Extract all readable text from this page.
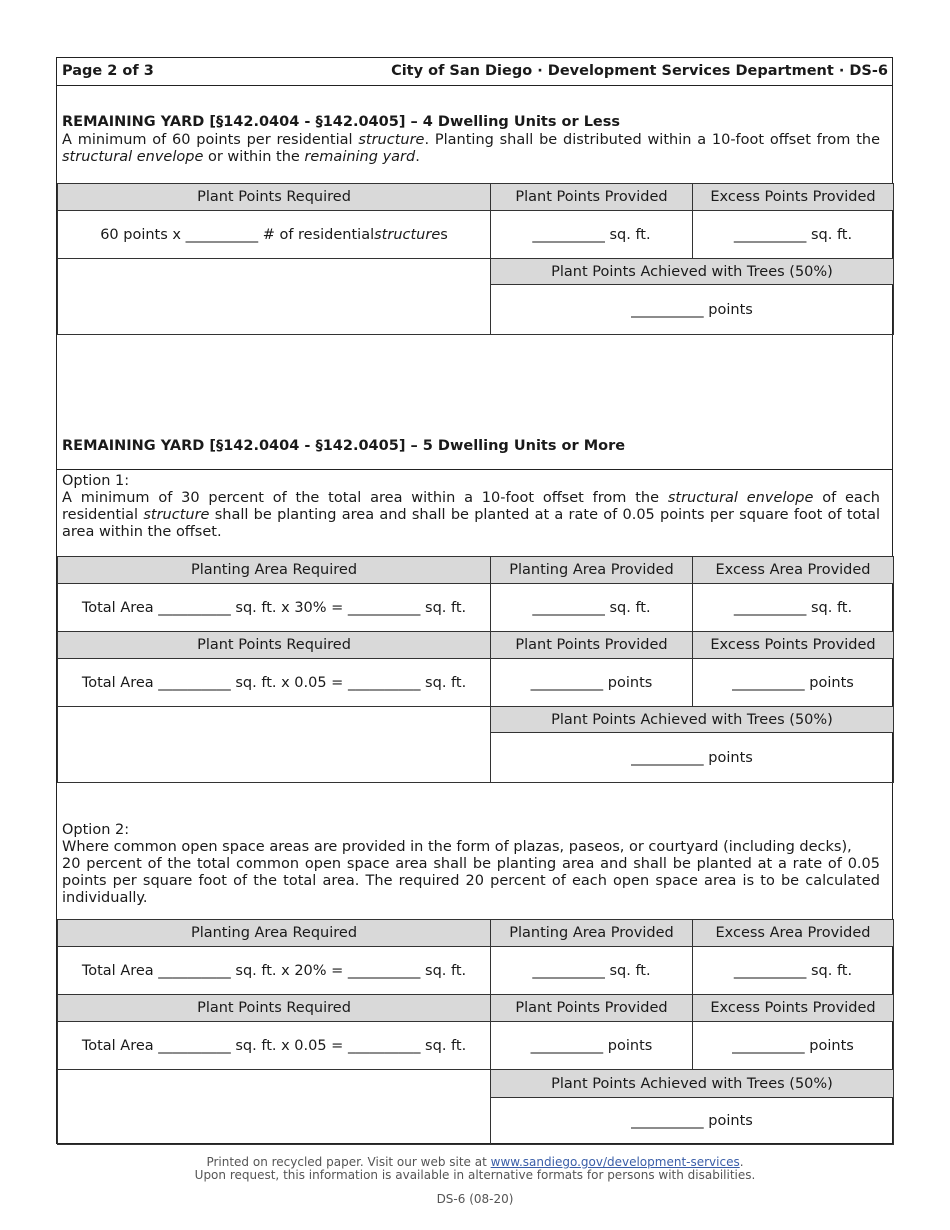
Page 2 of 3	City of San Diego · Development Services Department · DS-6
REMAINING YARD [§142.0404 - §142.0405] – 4 Dwelling Units or Less
A minimum of 60 points per residential structure. Planting shall be distributed within a 10-foot offset from the structural envelope or within the remaining yard.
Plant Points Required	Plant Points Provided	Excess Points Provided
60 points x __________ # of residential structure s	__________ sq. ft.	__________ sq. ft.
Plant Points Achieved with Trees (50%)
__________ points
REMAINING YARD [§142.0404 - §142.0405] – 5 Dwelling Units or More
Option 1:
A minimum of 30 percent of the total area within a 10-foot offset from the structural envelope of each residential structure shall be planting area and shall be planted at a rate of 0.05 points per square foot of total area within the offset.
Planting Area Required	Planting Area Provided	Excess Area Provided
Total Area __________ sq. ft. x 30% = __________ sq. ft.	__________ sq. ft.	__________ sq. ft.
Plant Points Required	Plant Points Provided	Excess Points Provided
Total Area __________ sq. ft. x 0.05 = __________ sq. ft.	__________ points	__________ points
Plant Points Achieved with Trees (50%)
__________ points
Option 2:
Where common open space areas are provided in the form of plazas, paseos, or courtyard (including decks),
20 percent of the total common open space area shall be planting area and shall be planted at a rate of 0.05 points per square foot of the total area. The required 20 percent of each open space area is to be calculated individually.
Planting Area Required	Planting Area Provided	Excess Area Provided
Total Area __________ sq. ft. x 20% = __________ sq. ft.	__________ sq. ft.	__________ sq. ft.
Plant Points Required	Plant Points Provided	Excess Points Provided
Total Area __________ sq. ft. x 0.05 = __________ sq. ft.	__________ points	__________ points
Plant Points Achieved with Trees (50%)
__________ points
Printed on recycled paper. Visit our web site at www.sandiego.gov/development-services.
Upon request, this information is available in alternative formats for persons with disabilities.
DS-6 (08-20)
